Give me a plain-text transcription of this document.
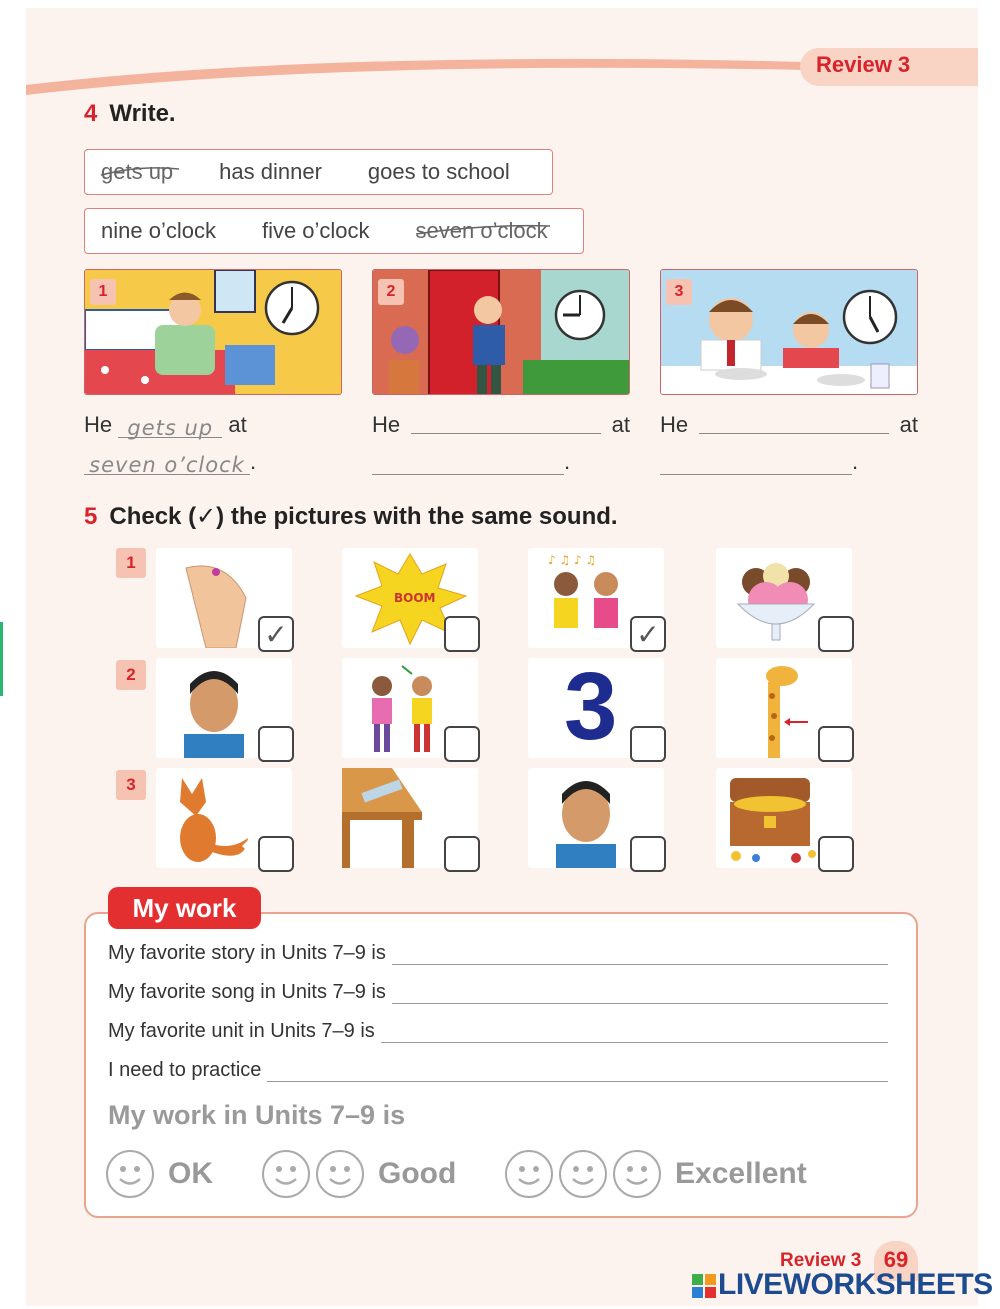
Review 3
4 Write.
gets up has dinner goes to school
nine o’clock five o’clock seven o’clock
1	2	3
He gets up at
seven o’clock .
He	at
.
He	at
.
5 Check (✓) the pictures with the same sound.
1
✓
BOOM
♪ ♫ ♪ ♫
✓
2	3
3
My work
My favorite story in Units 7–9 is
My favorite song in Units 7–9 is
My favorite unit in Units 7–9 is
I need to practice
My work in Units 7–9 is
OK	Good	Excellent
Review 3	69
LIVEWORKSHEETS
